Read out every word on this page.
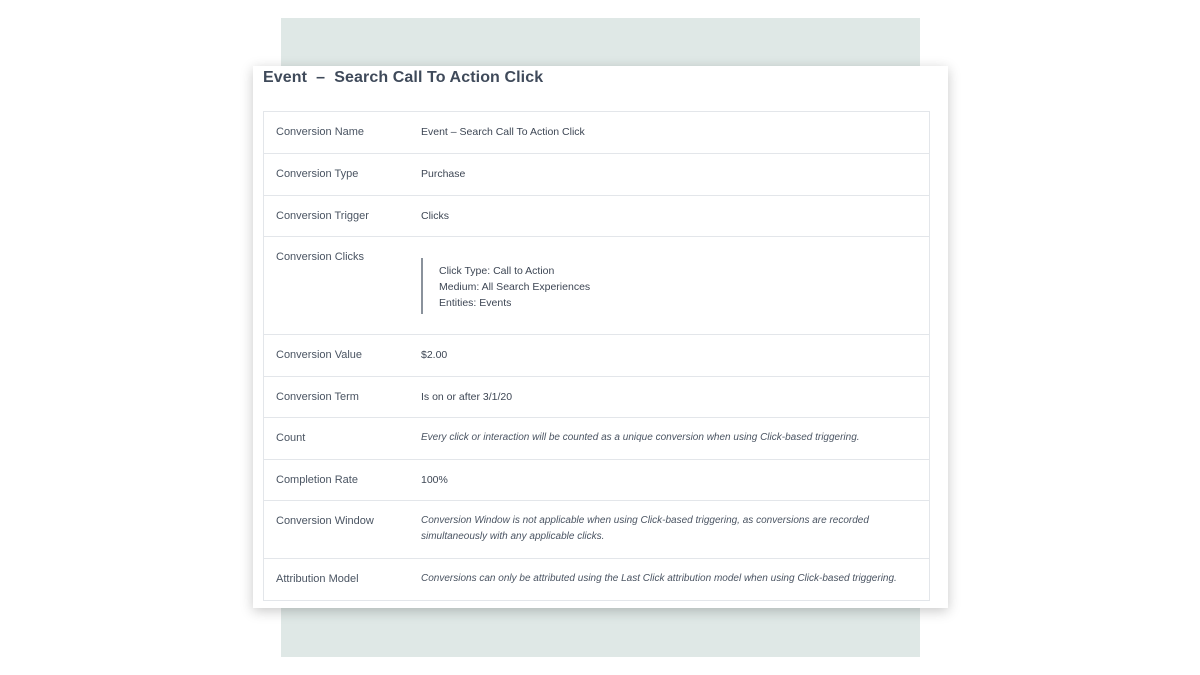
Event  –  Search Call To Action Click
Conversion Name	Event – Search Call To Action Click
Conversion Type	Purchase
Conversion Trigger	Clicks
Conversion Clicks
Click Type: Call to Action
Medium: All Search Experiences
Entities: Events
Conversion Value	$2.00
Conversion Term	Is on or after 3/1/20
Count	Every click or interaction will be counted as a unique conversion when using Click-based triggering.
Completion Rate	100%
Conversion Window	Conversion Window is not applicable when using Click-based triggering, as conversions are recorded simultaneously with any applicable clicks.
Attribution Model	Conversions can only be attributed using the Last Click attribution model when using Click-based triggering.
